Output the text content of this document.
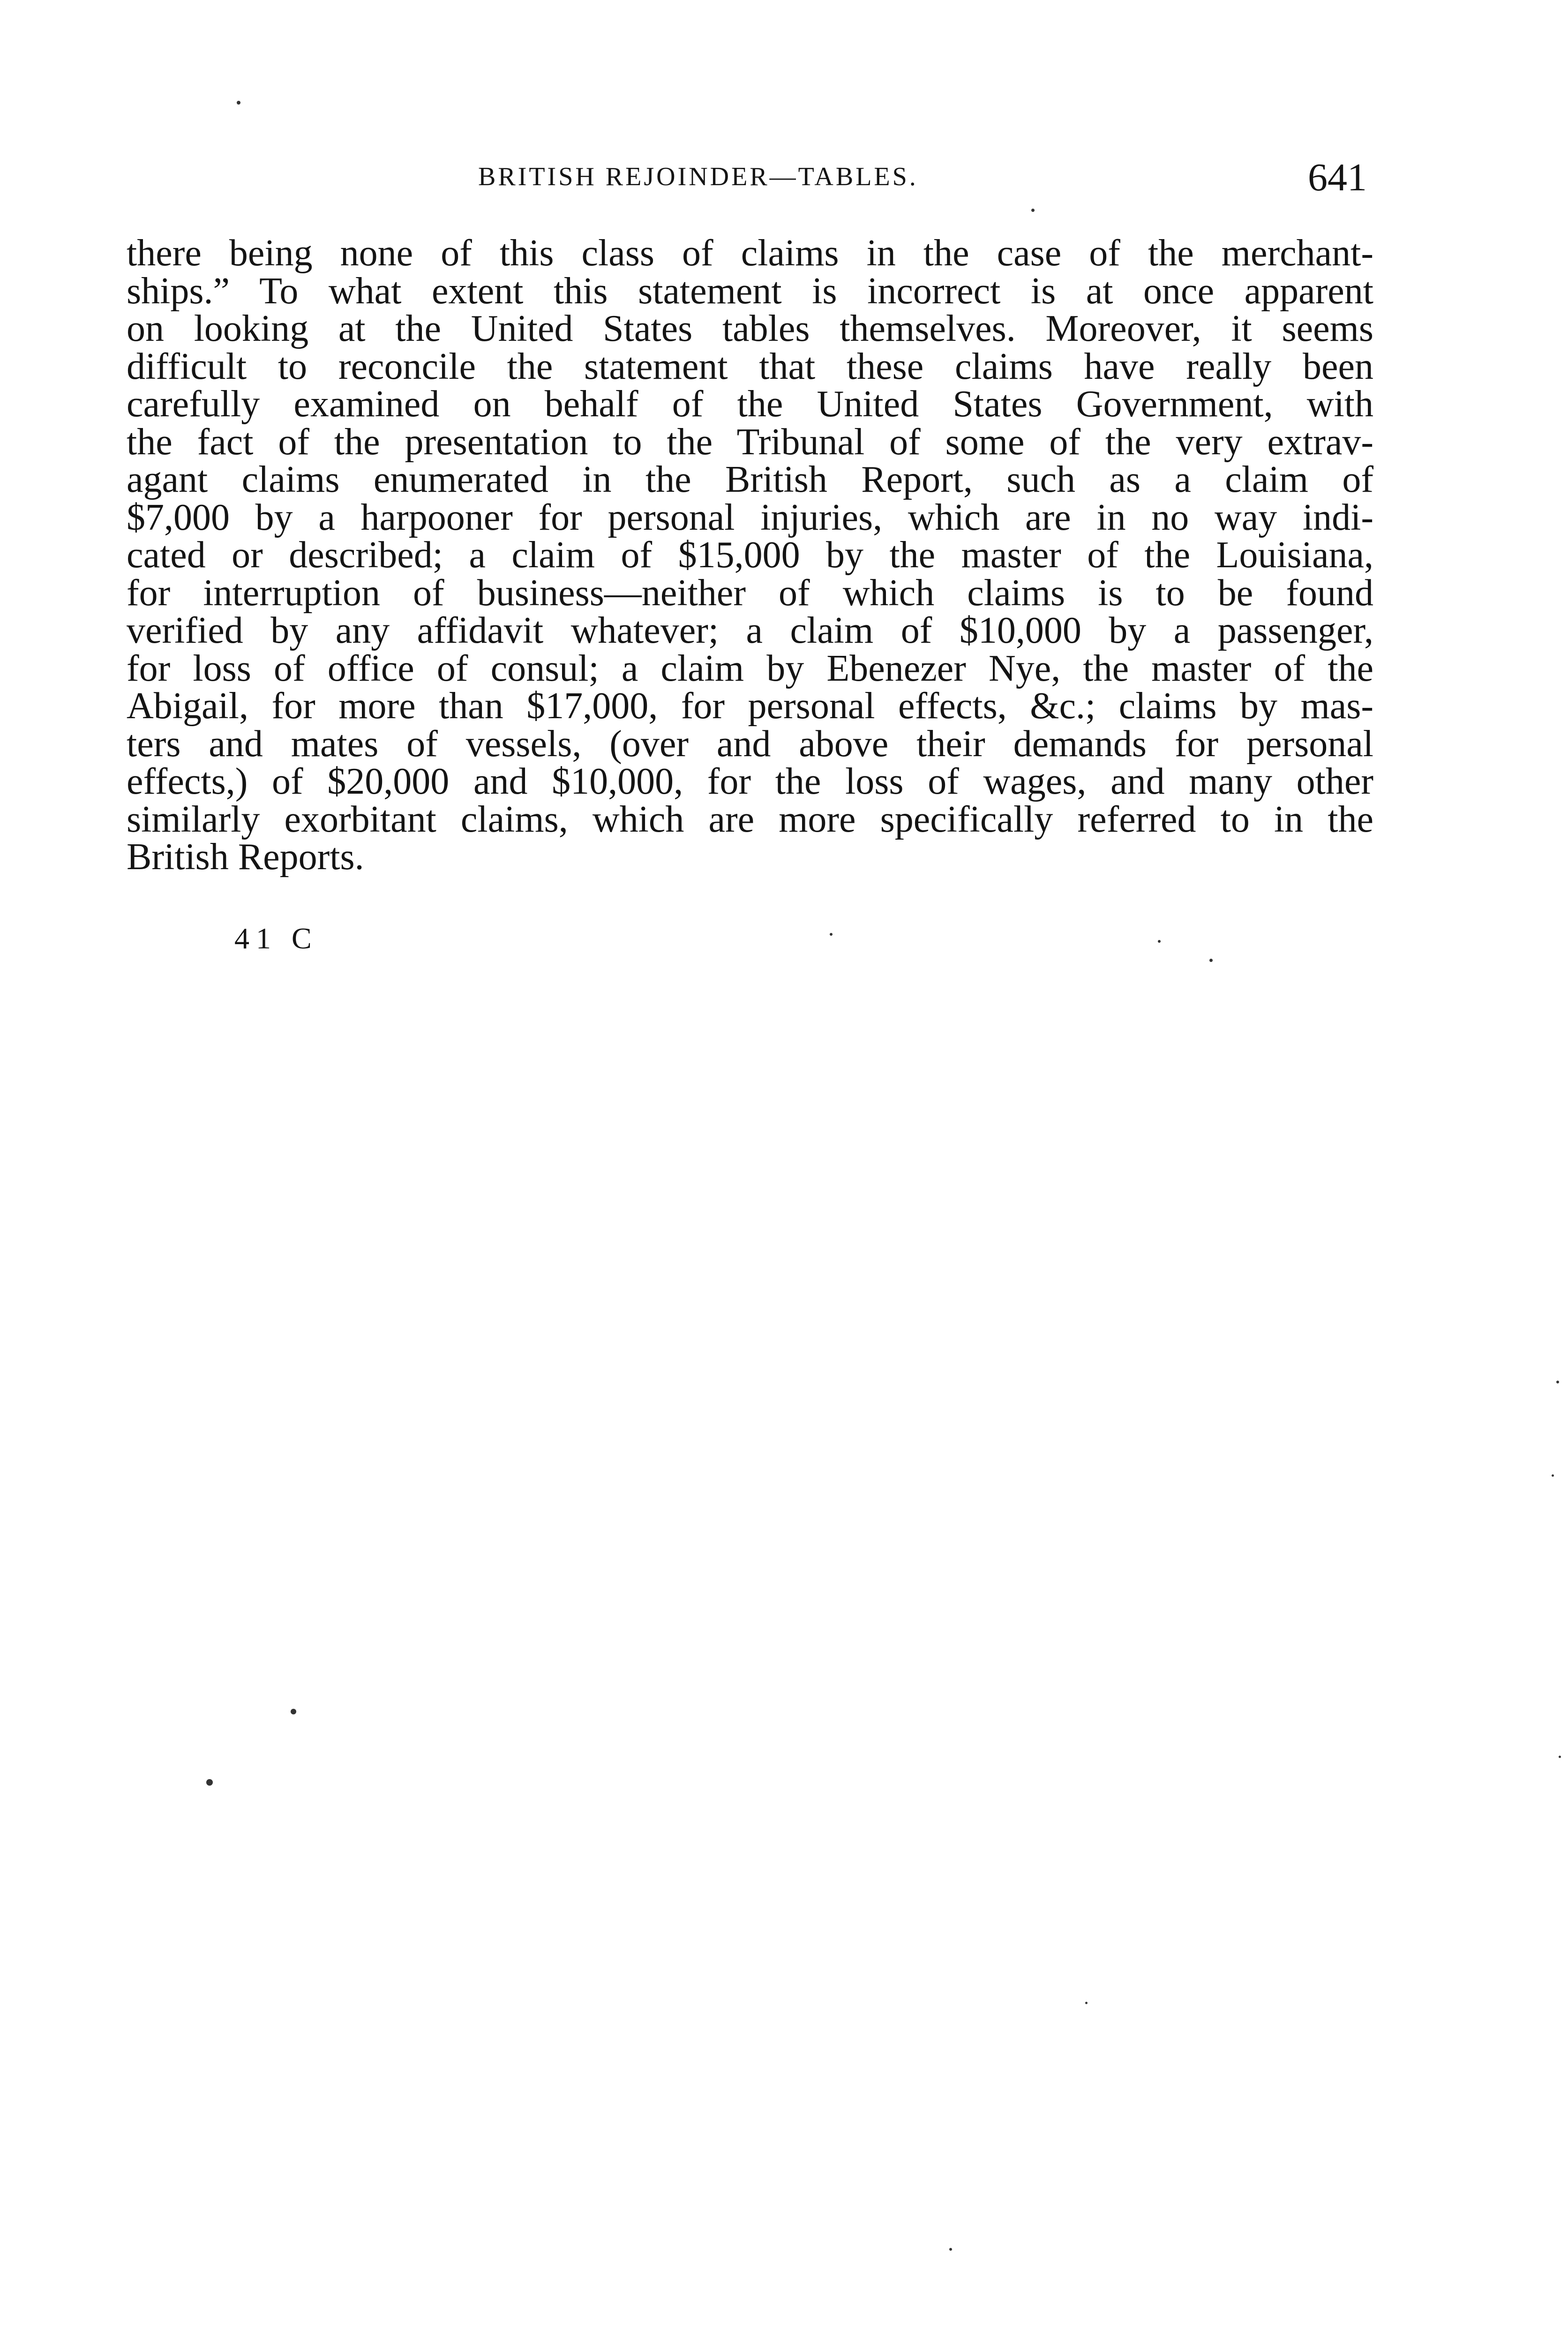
BRITISH REJOINDER—TABLES.	641
there being none of this class of claims in the case of the merchant-
ships.” To what extent this statement is incorrect is at once apparent
on looking at the United States tables themselves. Moreover, it seems
difficult to reconcile the statement that these claims have really been
carefully examined on behalf of the United States Government, with
the fact of the presentation to the Tribunal of some of the very extrav-
agant claims enumerated in the British Report, such as a claim of
$7,000 by a harpooner for personal injuries, which are in no way indi-
cated or described; a claim of $15,000 by the master of the Louisiana,
for interruption of business—neither of which claims is to be found
verified by any affidavit whatever; a claim of $10,000 by a passenger,
for loss of office of consul; a claim by Ebenezer Nye, the master of the
Abigail, for more than $17,000, for personal effects, &c.; claims by mas-
ters and mates of vessels, (over and above their demands for personal
effects,) of $20,000 and $10,000, for the loss of wages, and many other
similarly exorbitant claims, which are more specifically referred to in the
British Reports.
41 C
